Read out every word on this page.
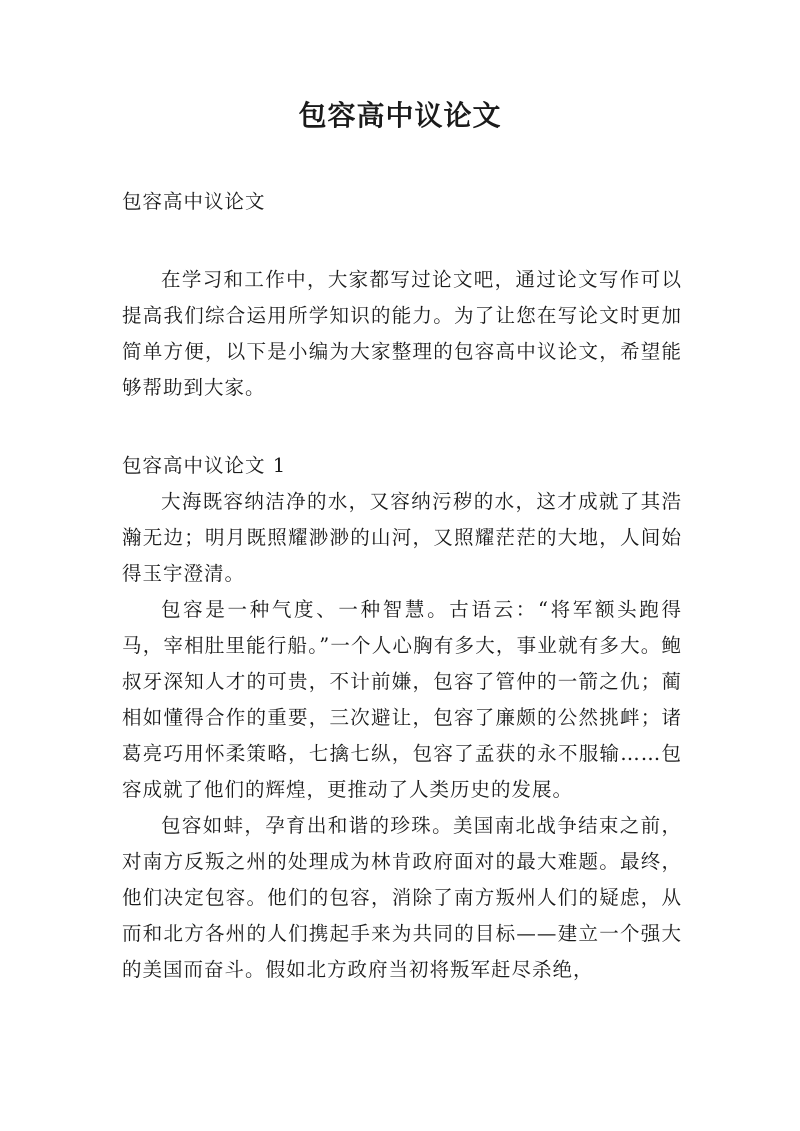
包容高中议论文

包容高中议论文

在学习和工作中，大家都写过论文吧，通过论文写作可以提高我们综合运用所学知识的能力。为了让您在写论文时更加简单方便，以下是小编为大家整理的包容高中议论文，希望能够帮助到大家。

包容高中议论文 1

大海既容纳洁净的水，又容纳污秽的水，这才成就了其浩瀚无边；明月既照耀渺渺的山河，又照耀茫茫的大地，人间始得玉宇澄清。

包容是一种气度、一种智慧。古语云：“将军额头跑得马，宰相肚里能行船。”一个人心胸有多大，事业就有多大。鲍叔牙深知人才的可贵，不计前嫌，包容了管仲的一箭之仇；蔺相如懂得合作的重要，三次避让，包容了廉颇的公然挑衅；诸葛亮巧用怀柔策略，七擒七纵，包容了孟获的永不服输……包容成就了他们的辉煌，更推动了人类历史的发展。

包容如蚌，孕育出和谐的珍珠。美国南北战争结束之前，对南方反叛之州的处理成为林肯政府面对的最大难题。最终，他们决定包容。他们的包容，消除了南方叛州人们的疑虑，从而和北方各州的人们携起手来为共同的目标——建立一个强大的美国而奋斗。假如北方政府当初将叛军赶尽杀绝，
